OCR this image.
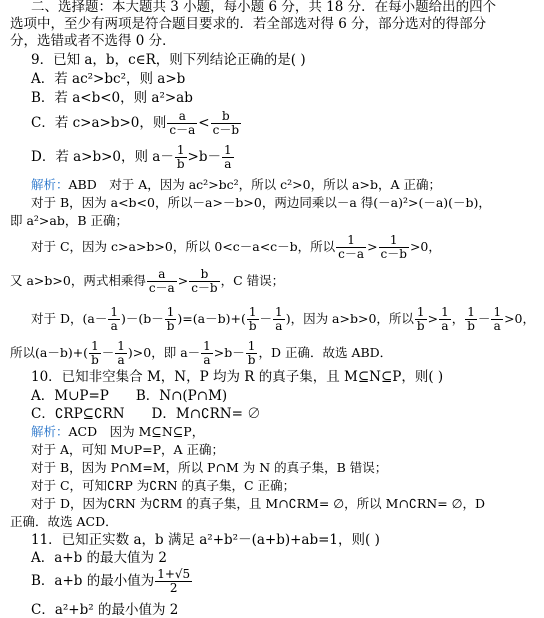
二、选择题：本大题共 3 小题，每小题 6 分，共 18 分．在每小题给出的四个
选项中，至少有两项是符合题目要求的．若全部选对得 6 分，部分选对的得部分
分，选错或者不选得 0 分．
9．已知 a，b，c∈R，则下列结论正确的是( )
A．若 ac²>bc²，则 a>b
B．若 a<b<0，则 a²>ab
C．若 c>a>b>0，则 $\frac{a}{c-a} < \frac{b}{c-b}$
D．若 a>b>0，则 $a- \frac{1}{b} >b- \frac{1}{a}$
解析：ABD　对于 A，因为 ac²>bc²，所以 c²>0，所以 a>b，A 正确；
对于 B，因为 a<b<0，所以－a>－b>0，两边同乘以－a 得(－a)²>(－a)(－b)，
即 a²>ab，B 正确；
对于 C，因为 c>a>b>0，所以 0<c－a<c－b，所以 $\frac{1}{c-a} > \frac{1}{c-b} >0$，
又 a>b>0，两式相乘得 $\frac{a}{c-a} > \frac{b}{c-b}$ ，C 错误；
对于 D，$(a- \frac{1}{a} )-(b- \frac{1}{b} )=(a-b)+( \frac{1}{b} - \frac{1}{a}$ )，因为 a>b>0，所以 $\frac{1}{b} > \frac{1}{a}$ ， $\frac{1}{b} - \frac{1}{a} >0$，
所以$(a-b)+( \frac{1}{b} - \frac{1}{a} )>0$，即 $a- \frac{1}{a} >b- \frac{1}{b}$ ，D 正确．故选 ABD．
10．已知非空集合 M，N，P 均为 R 的真子集，且 M⊆N⊆P，则( )
A．M∪P=P　　B．N∩(P∩M)
C．∁RP⊆∁RN　　D．M∩∁RN= ∅
解析：ACD　因为 M⊆N⊆P，
对于 A，可知 M∪P=P，A 正确；
对于 B，因为 P∩M=M，所以 P∩M 为 N 的真子集，B 错误；
对于 C，可知∁RP 为∁RN 的真子集，C 正确；
对于 D，因为∁RN 为∁RM 的真子集，且 M∩∁RM= ∅，所以 M∩∁RN= ∅，D
正确．故选 ACD．
11．已知正实数 a，b 满足 a²+b²－(a+b)+ab=1，则( )
A．a+b 的最大值为 2
B．a+b 的最小值为 $\frac{1+√5}{2}$
C．a²+b² 的最小值为 2
